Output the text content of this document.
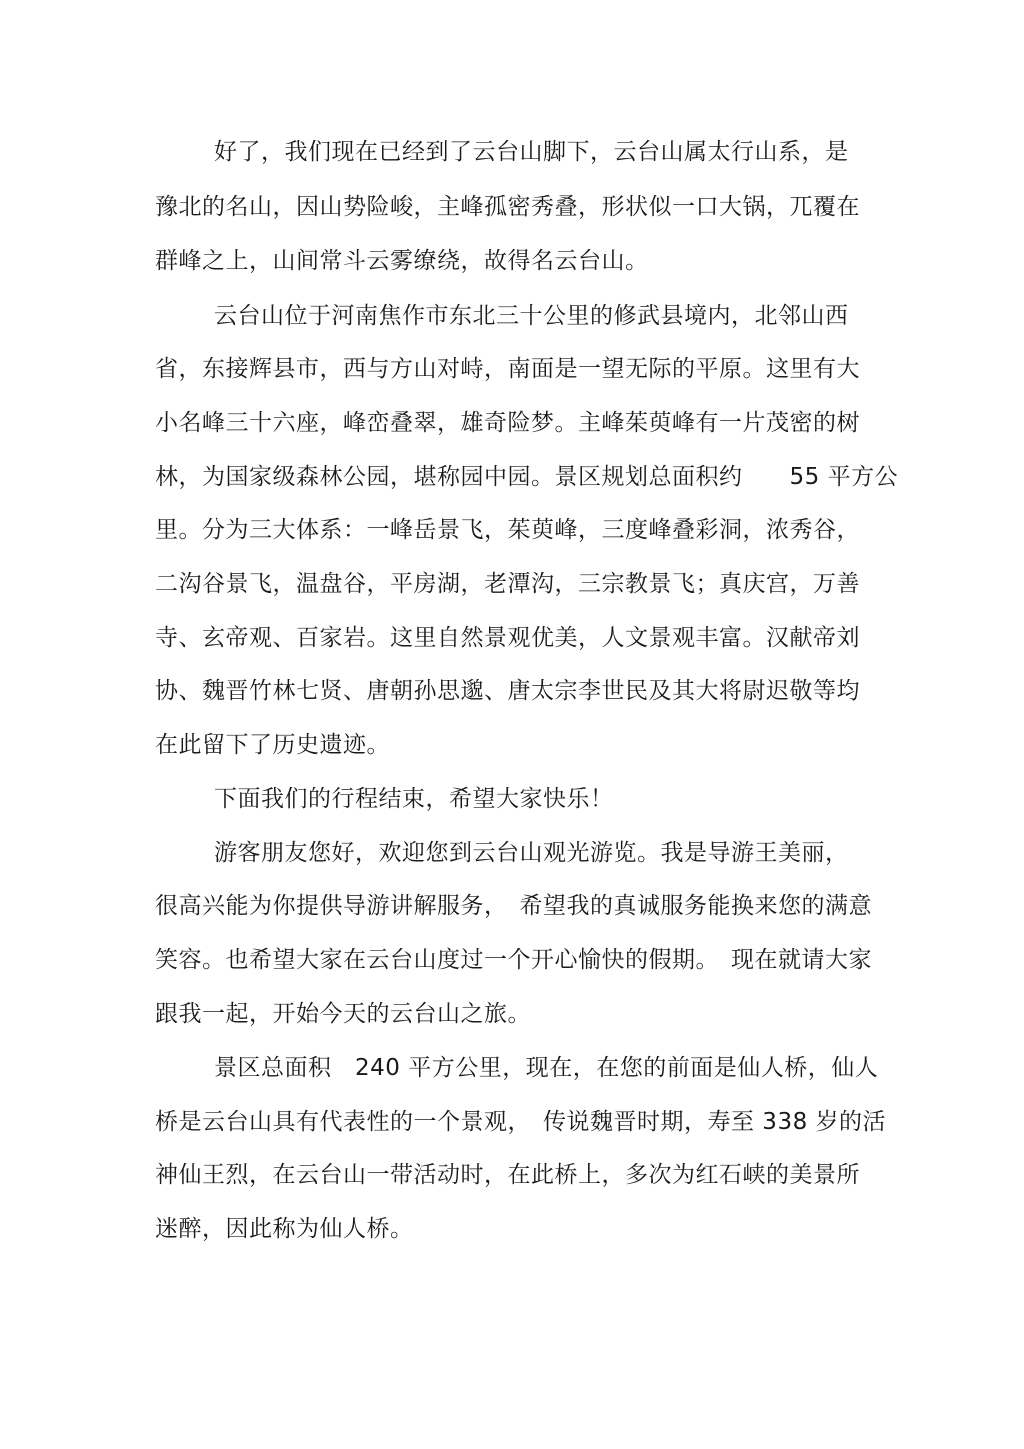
好了，我们现在已经到了云台山脚下，云台山属太行山系，是
豫北的名山，因山势险峻，主峰孤密秀叠，形状似一口大锅，兀覆在
群峰之上，山间常斗云雾缭绕，故得名云台山。
云台山位于河南焦作市东北三十公里的修武县境内，北邻山西
省，东接辉县市，西与方山对峙，南面是一望无际的平原。这里有大
小名峰三十六座，峰峦叠翠，雄奇险梦。主峰茱萸峰有一片茂密的树
林，为国家级森林公园，堪称园中园。景区规划总面积约　　55 平方公
里。分为三大体系：一峰岳景飞，茱萸峰，三度峰叠彩洞，浓秀谷，
二沟谷景飞，温盘谷，平房湖，老潭沟，三宗教景飞；真庆宫，万善
寺、玄帝观、百家岩。这里自然景观优美，人文景观丰富。汉献帝刘
协、魏晋竹林七贤、唐朝孙思邈、唐太宗李世民及其大将尉迟敬等均
在此留下了历史遗迹。
下面我们的行程结束，希望大家快乐！
游客朋友您好，欢迎您到云台山观光游览。我是导游王美丽，
很高兴能为你提供导游讲解服务，　希望我的真诚服务能换来您的满意
笑容。也希望大家在云台山度过一个开心愉快的假期。　现在就请大家
跟我一起，开始今天的云台山之旅。
景区总面积　240 平方公里，现在，在您的前面是仙人桥，仙人
桥是云台山具有代表性的一个景观，　传说魏晋时期，寿至 338 岁的活
神仙王烈，在云台山一带活动时，在此桥上，多次为红石峡的美景所
迷醉，因此称为仙人桥。
